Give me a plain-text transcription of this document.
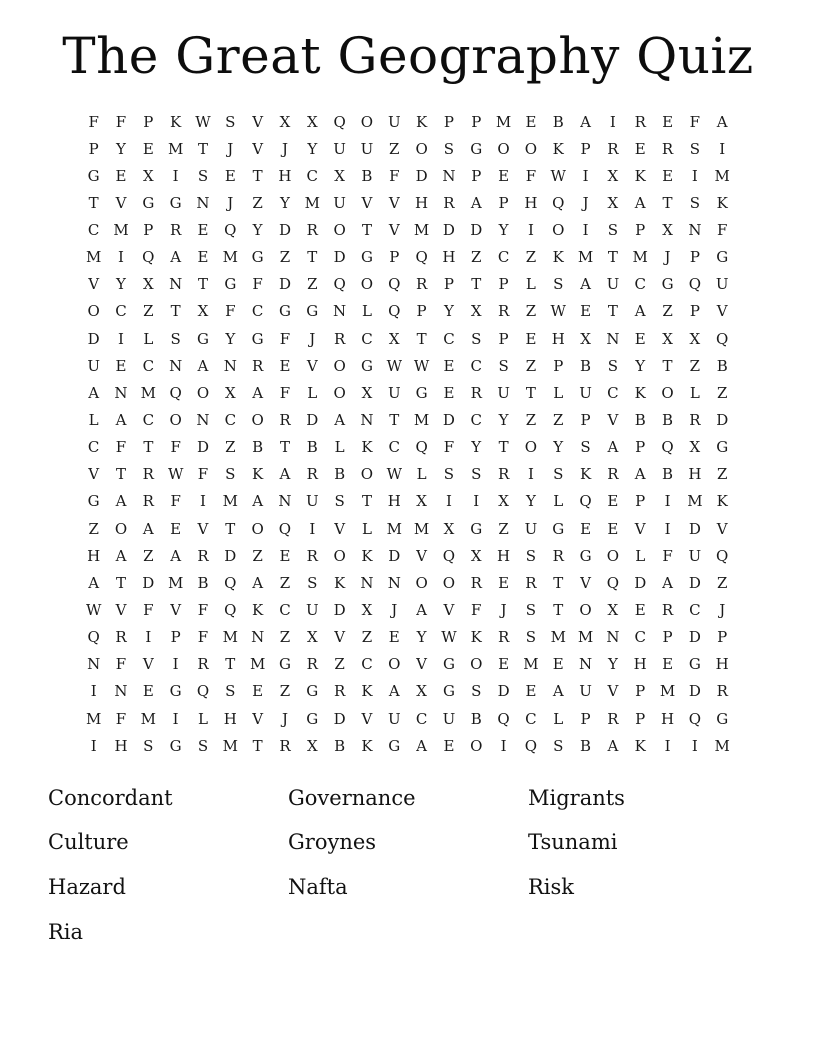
The Great Geography Quiz
F	F	P	K W S	V	X	X	Q	O U	K	P	P M E	B	A	I	R	E	F	A
P	Y	E M T	J	V	J	Y	U U	Z	O	S	G	O	O	K	P	R	E	R	S	I
G	E	X	I	S	E	T	H	C	X	B	F	D N	P	E	F W	I	X	K	E	I	M
T	V	G	G N	J	Z	Y M U	V	V	H	R	A	P	H Q	J	X	A	T	S	K
C M P	R	E	Q	Y	D	R	O	T	V M D	D	Y	I	O	I	S	P	X	N	F
M	I	Q	A	E M G	Z	T	D	G	P	Q H	Z	C	Z	K M T M	J	P	G
V	Y	X	N	T	G	F	D	Z	Q	O	Q	R	P	T	P	L	S	A	U	C	G	Q U
O	C	Z	T	X	F	C	G	G N	L	Q	P	Y	X	R	Z W E	T	A	Z	P	V
D	I	L	S	G	Y	G	F	J	R	C	X	T	C	S	P	E	H	X	N	E	X	X	Q
U	E	C	N	A	N	R	E	V	O	G W W E	C	S	Z	P	B	S	Y	T	Z	B
A	N M Q	O	X	A	F	L	O	X	U	G	E	R	U	T	L	U	C	K	O	L	Z
L	A	C	O N	C	O	R	D	A	N	T M D	C	Y	Z	Z	P	V	B	B	R	D
C	F	T	F	D	Z	B	T	B	L	K	C	Q	F	Y	T	O	Y	S	A	P	Q	X	G
V	T	R W F	S	K	A	R	B	O W L	S	S	R	I	S	K	R	A	B	H	Z
G	A	R	F	I	M A	N U	S	T	H	X	I	I	X	Y	L	Q	E	P	I	M K
Z	O	A	E	V	T	O	Q	I	V	L M M X	G	Z	U	G	E	E	V	I	D	V
H	A	Z	A	R	D	Z	E	R	O	K	D	V	Q	X	H	S	R	G	O	L	F	U Q
A	T	D M B	Q	A	Z	S	K	N N O	O	R	E	R	T	V	Q	D	A	D	Z
W V	F	V	F	Q	K	C	U D	X	J	A	V	F	J	S	T	O	X	E	R	C	J
Q	R	I	P	F M N	Z	X	V	Z	E	Y W K	R	S M M N	C	P	D	P
N	F	V	I	R	T M G	R	Z	C	O	V	G	O	E M E	N	Y	H	E	G H
I	N	E	G	Q	S	E	Z	G	R	K	A	X	G	S	D	E	A	U	V	P M D	R
M F M	I	L	H	V	J	G	D	V	U	C	U	B	Q	C	L	P	R	P	H Q	G
I	H	S	G	S M T	R	X	B	K	G	A	E	O	I	Q	S	B	A	K	I	I	M
Concordant
Culture
Hazard
Ria
Governance
Groynes
Nafta
Migrants
Tsunami
Risk
